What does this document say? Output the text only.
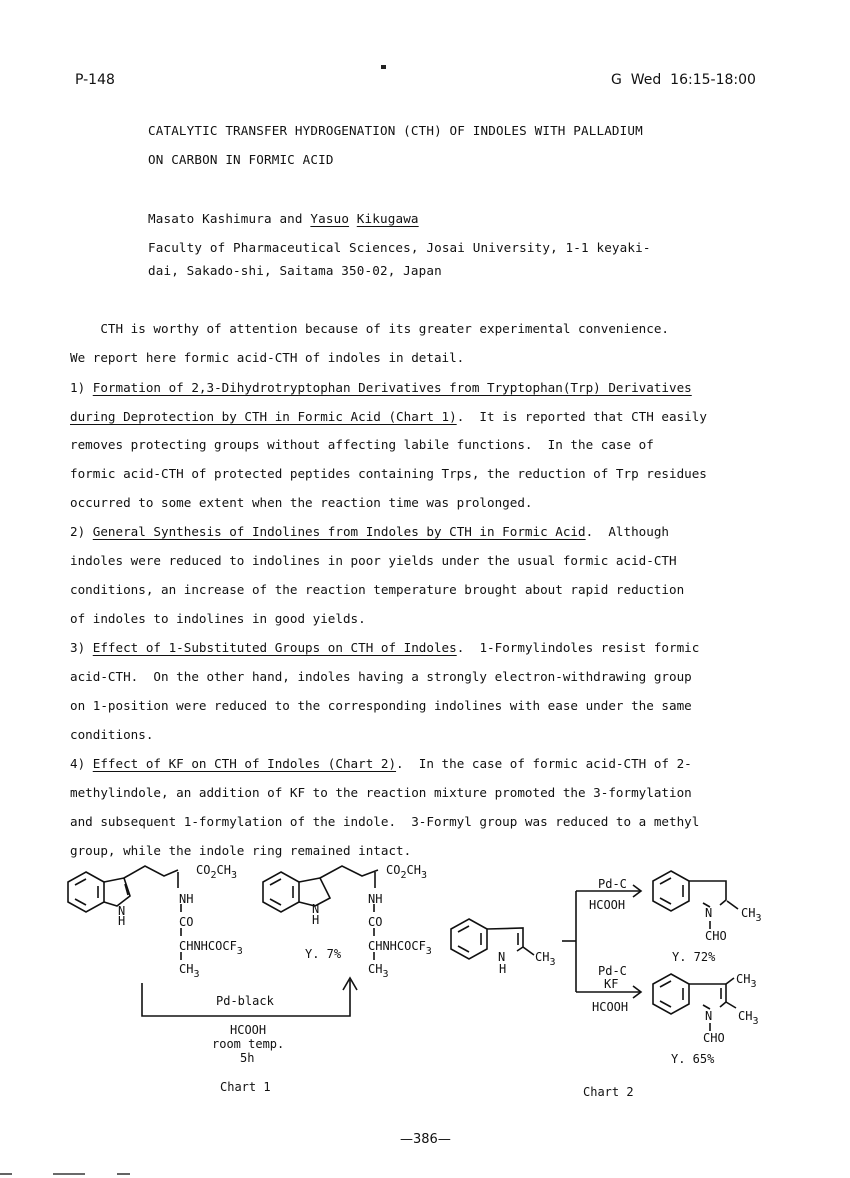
P-148	G  Wed  16:15-18:00
CATALYTIC TRANSFER HYDROGENATION (CTH) OF INDOLES WITH PALLADIUM
ON CARBON IN FORMIC ACID
Masato Kashimura and Yasuo Kikugawa
Faculty of Pharmaceutical Sciences, Josai University, 1-1 keyaki-
dai, Sakado-shi, Saitama 350-02, Japan
CTH is worthy of attention because of its greater experimental convenience.
We report here formic acid-CTH of indoles in detail.
1) Formation of 2,3-Dihydrotryptophan Derivatives from Tryptophan(Trp) Derivatives
during Deprotection by CTH in Formic Acid (Chart 1).  It is reported that CTH easily
removes protecting groups without affecting labile functions.  In the case of
formic acid-CTH of protected peptides containing Trps, the reduction of Trp residues
occurred to some extent when the reaction time was prolonged.
2) General Synthesis of Indolines from Indoles by CTH in Formic Acid.  Although
indoles were reduced to indolines in poor yields under the usual formic acid-CTH
conditions, an increase of the reaction temperature brought about rapid reduction
of indoles to indolines in good yields.
3) Effect of 1-Substituted Groups on CTH of Indoles.  1-Formylindoles resist formic
acid-CTH.  On the other hand, indoles having a strongly electron-withdrawing group
on 1-position were reduced to the corresponding indolines with ease under the same
conditions.
4) Effect of KF on CTH of Indoles (Chart 2).  In the case of formic acid-CTH of 2-
methylindole, an addition of KF to the reaction mixture promoted the 3-formylation
and subsequent 1-formylation of the indole.  3-Formyl group was reduced to a methyl
group, while the indole ring remained intact.
N
H
$CO_2CH_3$
NH
CO
$CHNHCOCF_3$
$CH_3$
N
H
$CO_2CH_3$
NH
CO
$CHNHCOCF_3$
$CH_3$
Y. 7%
Pd-black
HCOOH
room temp.
5h
Chart 1
N
H
$CH_3$
Pd-C
HCOOH
Pd-C
KF
HCOOH
N $CH_3$
CHO
Y. 72%
$CH_3$
N $CH_3$
CHO
Y. 65%
Chart 2
—386—
